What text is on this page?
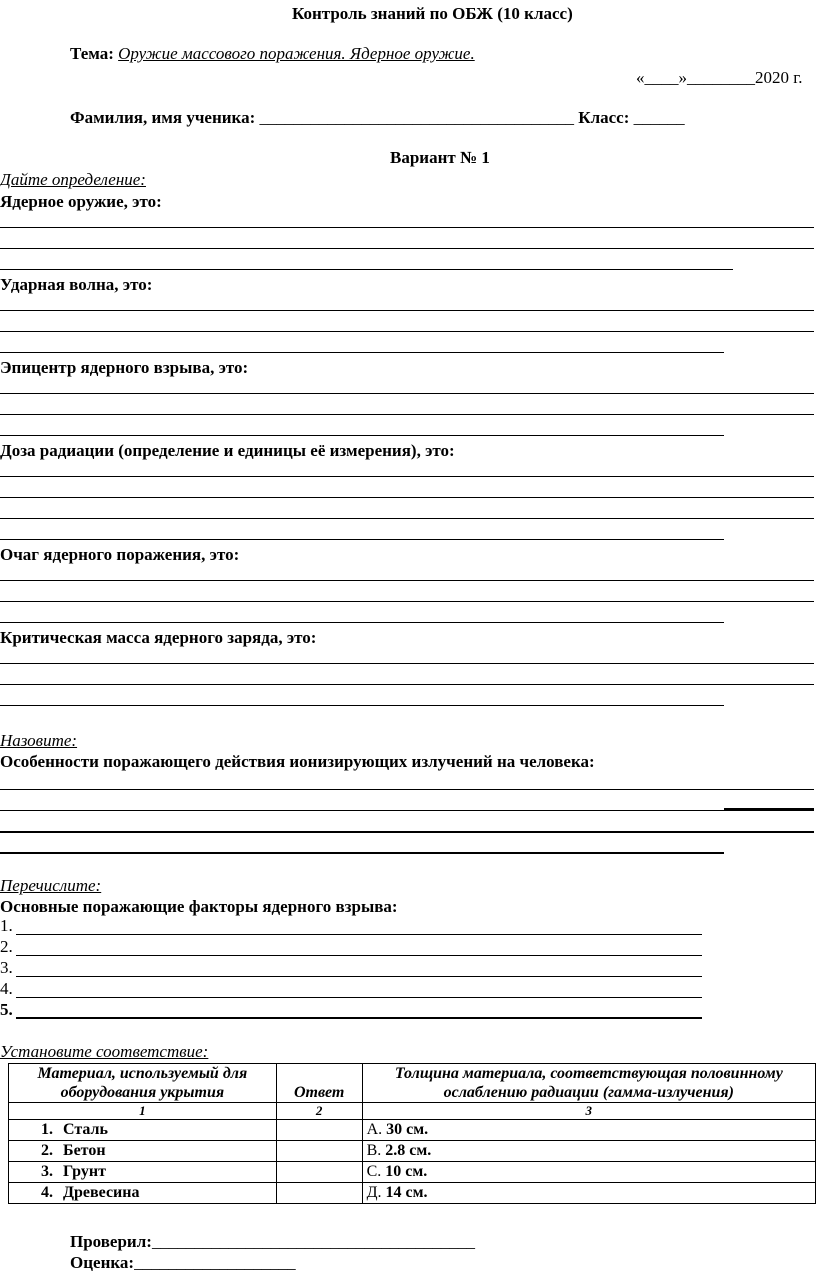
Контроль знаний по ОБЖ (10 класс)
Тема: Оружие массового поражения. Ядерное оружие.
«____»________2020 г.
Фамилия, имя ученика: _____________________________________ Класс: ______
Вариант № 1
Дайте определение:
Ядерное оружие, это:
Ударная волна, это:
Эпицентр ядерного взрыва, это:
Доза радиации (определение и единицы её измерения), это:
Очаг ядерного поражения, это:
Критическая масса ядерного заряда, это:
Назовите:
Особенности поражающего действия ионизирующих излучений на человека:
Перечислите:
Основные поражающие факторы ядерного взрыва:
1.
2.
3.
4.
5.
Установите соответствие:
Материал, используемый для оборудования укрытия	Ответ	Толщина материала, соответствующая половинному ослаблению радиации (гамма-излучения)
1	2	3
1. Сталь		А. 30 см.
2. Бетон		В. 2.8 см.
3. Грунт		С. 10 см.
4. Древесина		Д. 14 см.
Проверил:______________________________________
Оценка:___________________
